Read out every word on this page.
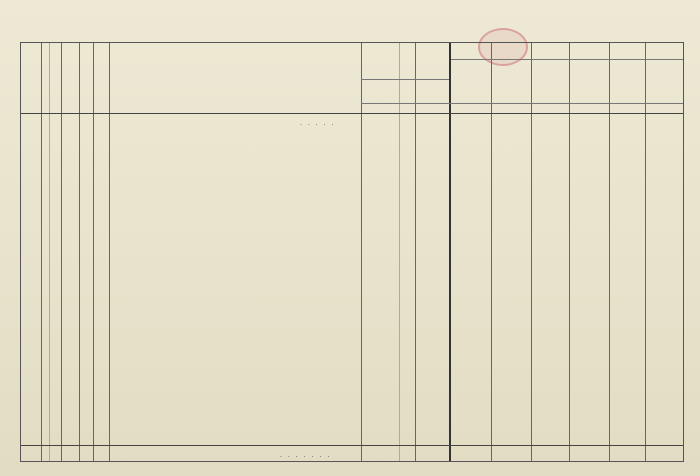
. . . . .
. . . . . . .
